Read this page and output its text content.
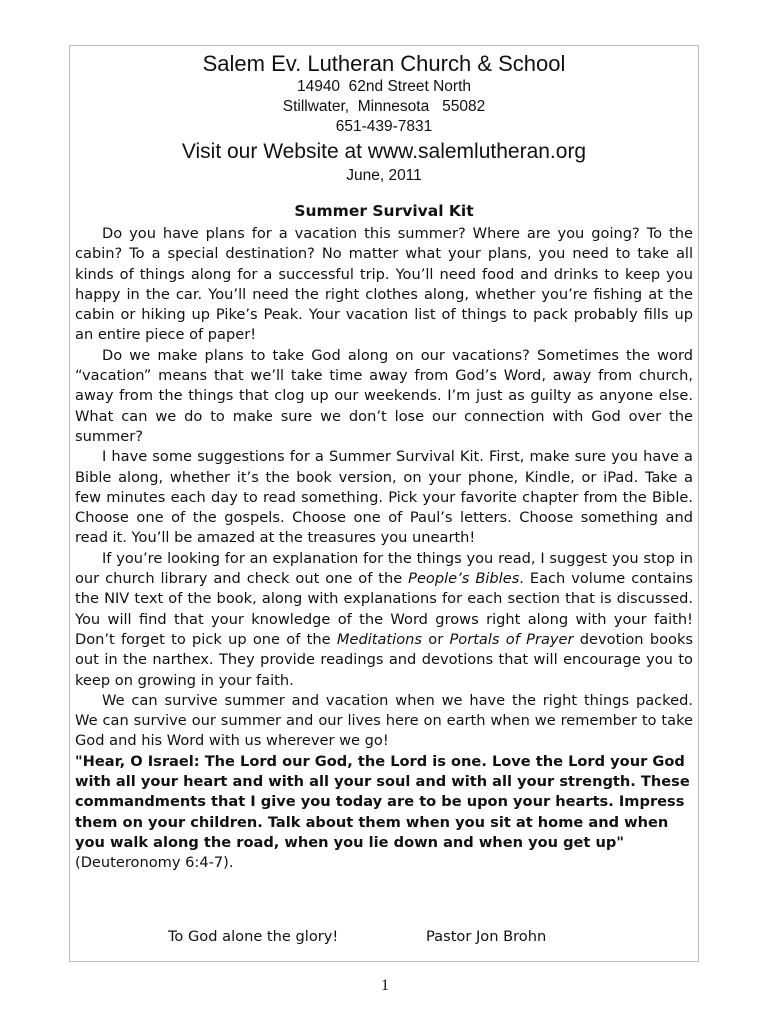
Salem Ev. Lutheran Church & School
14940  62nd Street North
Stillwater,  Minnesota   55082
651-439-7831
Visit our Website at www.salemlutheran.org
June, 2011
Summer Survival Kit

Do you have plans for a vacation this summer? Where are you going? To the cabin? To a special destination? No matter what your plans, you need to take all kinds of things along for a successful trip. You’ll need food and drinks to keep you happy in the car. You’ll need the right clothes along, whether you’re fishing at the cabin or hiking up Pike’s Peak. Your vacation list of things to pack probably fills up an entire piece of paper!

Do we make plans to take God along on our vacations? Sometimes the word “vacation” means that we’ll take time away from God’s Word, away from church, away from the things that clog up our weekends. I’m just as guilty as anyone else. What can we do to make sure we don’t lose our connection with God over the summer?

I have some suggestions for a Summer Survival Kit. First, make sure you have a Bible along, whether it’s the book version, on your phone, Kindle, or iPad. Take a few minutes each day to read something. Pick your favorite chapter from the Bible. Choose one of the gospels. Choose one of Paul’s letters. Choose something and read it. You’ll be amazed at the treasures you unearth!

If you’re looking for an explanation for the things you read, I suggest you stop in our church library and check out one of the People’s Bibles. Each volume contains the NIV text of the book, along with explanations for each section that is discussed. You will find that your knowledge of the Word grows right along with your faith! Don’t forget to pick up one of the Meditations or Portals of Prayer devotion books out in the narthex. They provide readings and devotions that will encourage you to keep on growing in your faith.

We can survive summer and vacation when we have the right things packed. We can survive our summer and our lives here on earth when we remember to take God and his Word with us wherever we go!

"Hear, O Israel: The Lord our God, the Lord is one. Love the Lord your God with all your heart and with all your soul and with all your strength. These commandments that I give you today are to be upon your hearts. Impress them on your children. Talk about them when you sit at home and when you walk along the road, when you lie down and when you get up" (Deuteronomy 6:4-7).

To God alone the glory!	Pastor Jon Brohn
1
